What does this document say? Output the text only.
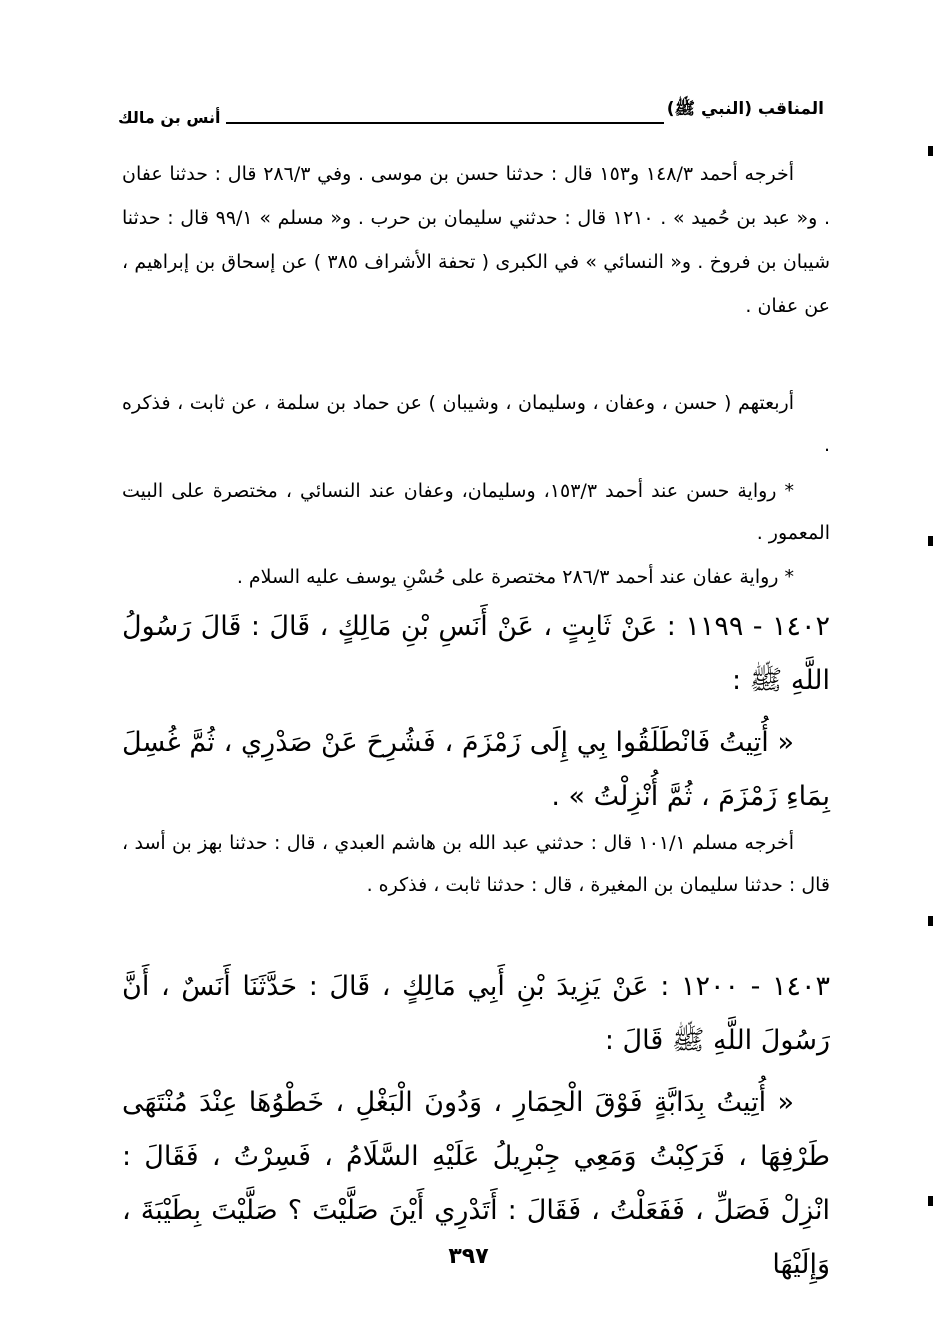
المناقب (النبي ﷺ)
أنس بن مالك

أخرجه أحمد ١٤٨/٣ و١٥٣ قال : حدثنا حسن بن موسى . وفي ٢٨٦/٣ قال : حدثنا عفان . و« عبد بن حُميد » . ١٢١٠ قال : حدثني سليمان بن حرب . و« مسلم » ٩٩/١ قال : حدثنا شيبان بن فروخ . و« النسائي » في الكبرى ( تحفة الأشراف ٣٨٥ ) عن إسحاق بن إبراهيم ، عن عفان .

أربعتهم ( حسن ، وعفان ، وسليمان ، وشيبان ) عن حماد بن سلمة ، عن ثابت ، فذكره .

* رواية حسن عند أحمد ١٥٣/٣، وسليمان، وعفان عند النسائي ، مختصرة على البيت المعمور .

* رواية عفان عند أحمد ٢٨٦/٣ مختصرة على حُسْنِ يوسف عليه السلام .

١٤٠٢ - ١١٩٩ : عَنْ ثَابِتٍ ، عَنْ أَنَسِ بْنِ مَالِكٍ ، قَالَ : قَالَ رَسُولُ اللَّهِ ﷺ :

« أُتِيتُ فَانْطَلَقُوا بِي إِلَى زَمْزَمَ ، فَشُرِحَ عَنْ صَدْرِي ، ثُمَّ غُسِلَ بِمَاءِ زَمْزَمَ ، ثُمَّ أُنْزِلْتُ » .

أخرجه مسلم ١٠١/١ قال : حدثني عبد الله بن هاشم العبدي ، قال : حدثنا بهز بن أسد ، قال : حدثنا سليمان بن المغيرة ، قال : حدثنا ثابت ، فذكره .

١٤٠٣ - ١٢٠٠ : عَنْ يَزِيدَ بْنِ أَبِي مَالِكٍ ، قَالَ : حَدَّثَنَا أَنَسٌ ، أَنَّ رَسُولَ اللَّهِ ﷺ قَالَ :

« أُتِيتُ بِدَابَّةٍ فَوْقَ الْحِمَارِ ، وَدُونَ الْبَغْلِ ، خَطْوُهَا عِنْدَ مُنْتَهَى طَرْفِهَا ، فَرَكِبْتُ وَمَعِي جِبْرِيلُ عَلَيْهِ السَّلَامُ ، فَسِرْتُ ، فَقَالَ : انْزِلْ فَصَلِّ ، فَفَعَلْتُ ، فَقَالَ : أَتَدْرِي أَيْنَ صَلَّيْتَ ؟ صَلَّيْتَ بِطَيْبَةَ ، وَإِلَيْهَا

٣٩٧
